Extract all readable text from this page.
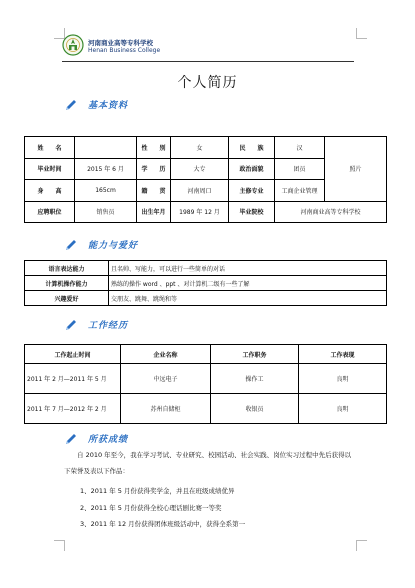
河南商业高等专科学校
Henan Business College
个人简历
基本资料
姓　　名		性　　别	女	民　　族	汉	照片
毕业时间	2015 年 6 月	学　　历	大专	政治面貌	团员	
身　　高	165cm	籍　　贯	河南周口	主修专业	工商企业管理	
应聘职位	销售员	出生年月	1989 年 12 月	毕业院校	河南商业高等专科学校	
能力与爱好
语言表达能力	且名帅、写能力，可以进行一些简单的对话
计算机操作能力	熟练的操作 word 、ppt 、对计算机二级有一些了解
兴趣爱好	交朋友、跳舞、跳绳和等
工作经历
工作起止时间	企业名称	工作职务	工作表现
2011 年 2 月—2011 年 5 月	中远电子	操作工	良明
2011 年 7 月—2012 年 2 月	苏州自储柜	收银员	良明
所获成绩
自 2010 年至今，我在学习考试、专业研究、校园活动、社会实践、岗位实习过程中先后获得以下荣誉及表以下作品：
1、2011 年 5 月份获得奖学金，并且在班级成绩优异
2、2011 年 5 月份获得全校心理话剧比赛一等奖
3、2011 年 12 月份获得团体班级活动中，获得全系第一
